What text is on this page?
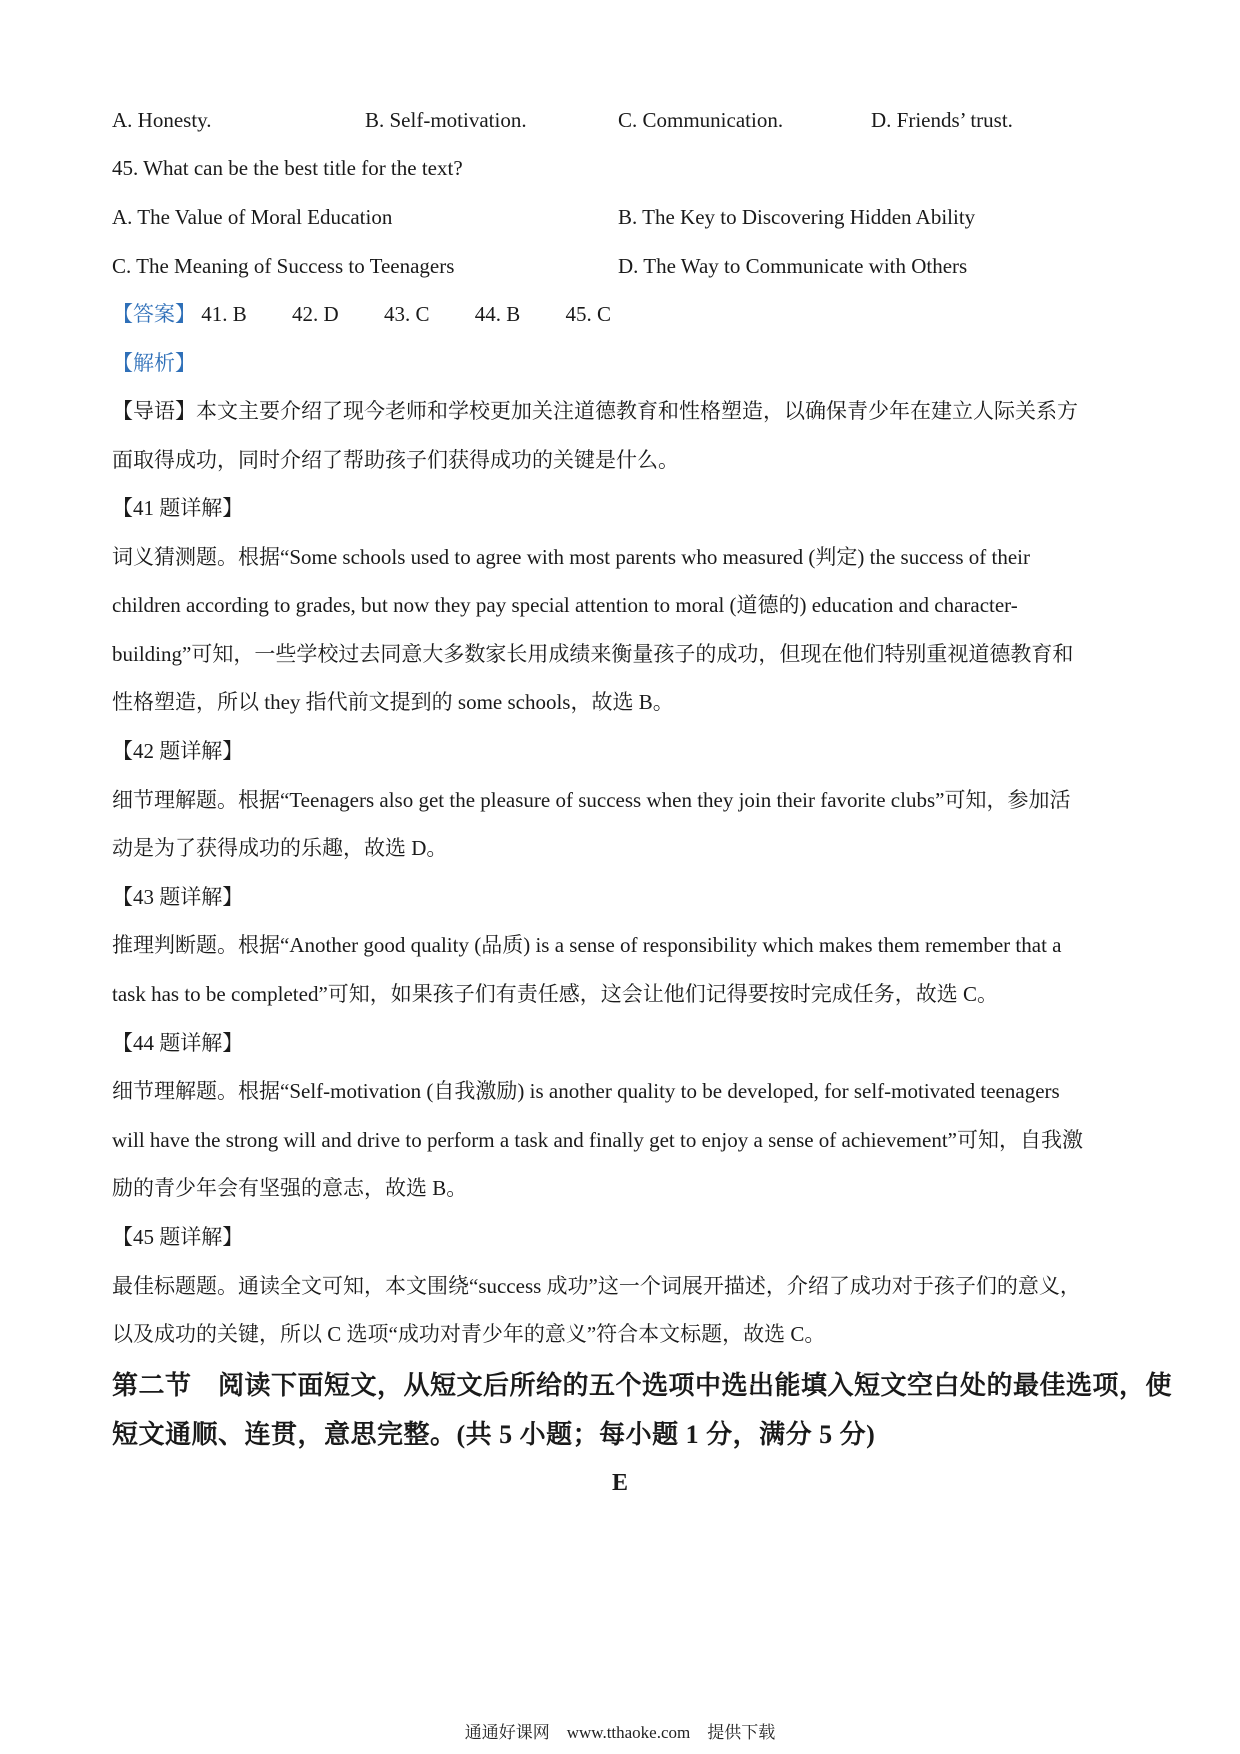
A. Honesty.	B. Self-motivation.	C. Communication.	D. Friends’ trust.
45. What can be the best title for the text?
A. The Value of Moral Education	B. The Key to Discovering Hidden Ability
C. The Meaning of Success to Teenagers	D. The Way to Communicate with Others
【答案】 41. B 42. D 43. C 44. B 45. C
【解析】
【导语】本文主要介绍了现今老师和学校更加关注道德教育和性格塑造，以确保青少年在建立人际关系方
面取得成功，同时介绍了帮助孩子们获得成功的关键是什么。
【41 题详解】
词义猜测题。根据“Some schools used to agree with most parents who measured (判定) the success of their
children according to grades, but now they pay special attention to moral (道德的) education and character-
building”可知，一些学校过去同意大多数家长用成绩来衡量孩子的成功，但现在他们特别重视道德教育和
性格塑造，所以 they 指代前文提到的 some schools，故选 B。
【42 题详解】
细节理解题。根据“Teenagers also get the pleasure of success when they join their favorite clubs”可知，参加活
动是为了获得成功的乐趣，故选 D。
【43 题详解】
推理判断题。根据“Another good quality (品质) is a sense of responsibility which makes them remember that a
task has to be completed”可知，如果孩子们有责任感，这会让他们记得要按时完成任务，故选 C。
【44 题详解】
细节理解题。根据“Self-motivation (自我激励) is another quality to be developed, for self-motivated teenagers
will have the strong will and drive to perform a task and finally get to enjoy a sense of achievement”可知，自我激
励的青少年会有坚强的意志，故选 B。
【45 题详解】
最佳标题题。通读全文可知，本文围绕“success 成功”这一个词展开描述，介绍了成功对于孩子们的意义，
以及成功的关键，所以 C 选项“成功对青少年的意义”符合本文标题，故选 C。
第二节　阅读下面短文，从短文后所给的五个选项中选出能填入短文空白处的最佳选项，使
短文通顺、连贯，意思完整。(共 5 小题；每小题 1 分，满分 5 分)
E
通通好课网　www.tthaoke.com　提供下载
